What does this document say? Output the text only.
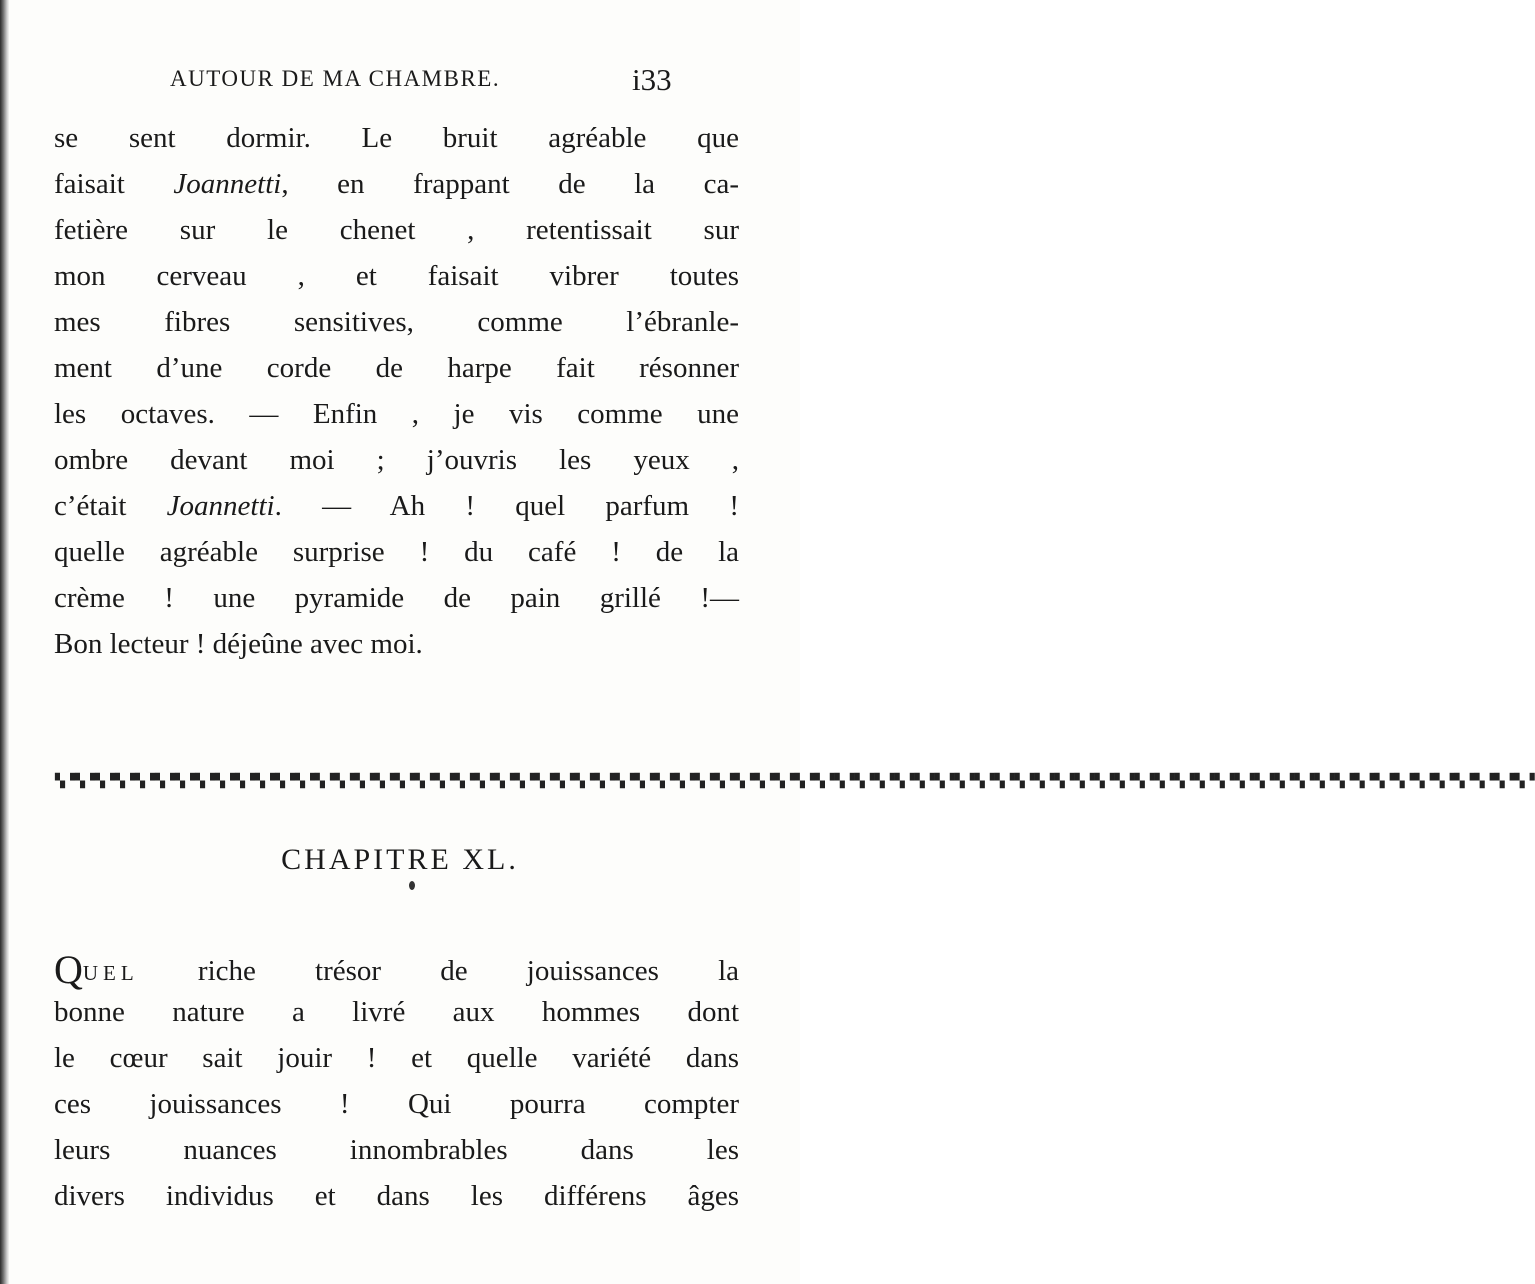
AUTOUR DE MA CHAMBRE.	i33
se sent dormir. Le bruit agréable que
faisait Joannetti, en frappant de la ca-
fetière sur le chenet , retentissait sur
mon cerveau , et faisait vibrer toutes
mes fibres sensitives, comme l’ébranle-
ment d’une corde de harpe fait résonner
les octaves. — Enfin , je vis comme une
ombre devant moi ; j’ouvris les yeux ,
c’était Joannetti. — Ah ! quel parfum !
quelle agréable surprise ! du café ! de la
crème ! une pyramide de pain grillé !—
Bon lecteur ! déjeûne avec moi.
▚▝▚▝▚▝▚▝▚▝▚▝▚▝▚▝▚▝▚▝▚▝▚▝▚▝▚▝▚▝▚▝▚▝▚▝▚▝▚▝▚▝▚▝▚▝▚▝▚▝▚▝▚▝▚▝▚▝▚▝▚▝▚▝▚▝▚▝▚▝▚▝▚▝▚▝▚▝▚▝▚▝▚▝▚▝▚▝▚▝▚▝▚▝▚▝▚▝▚▝▚▝▚▝▚▝▚▝▚▝▚▝▚▝▚▝▚▝▚▝▚▝▚▝▚▝▚▝▚▝▚▝▚▝▚▝▚▝▚▝▚▝▚▝▚▝▚▝
CHAPITRE XL.
QUEL riche trésor de jouissances la
bonne nature a livré aux hommes dont
le cœur sait jouir ! et quelle variété dans
ces jouissances ! Qui pourra compter
leurs nuances innombrables dans les
divers individus et dans les différens âges
